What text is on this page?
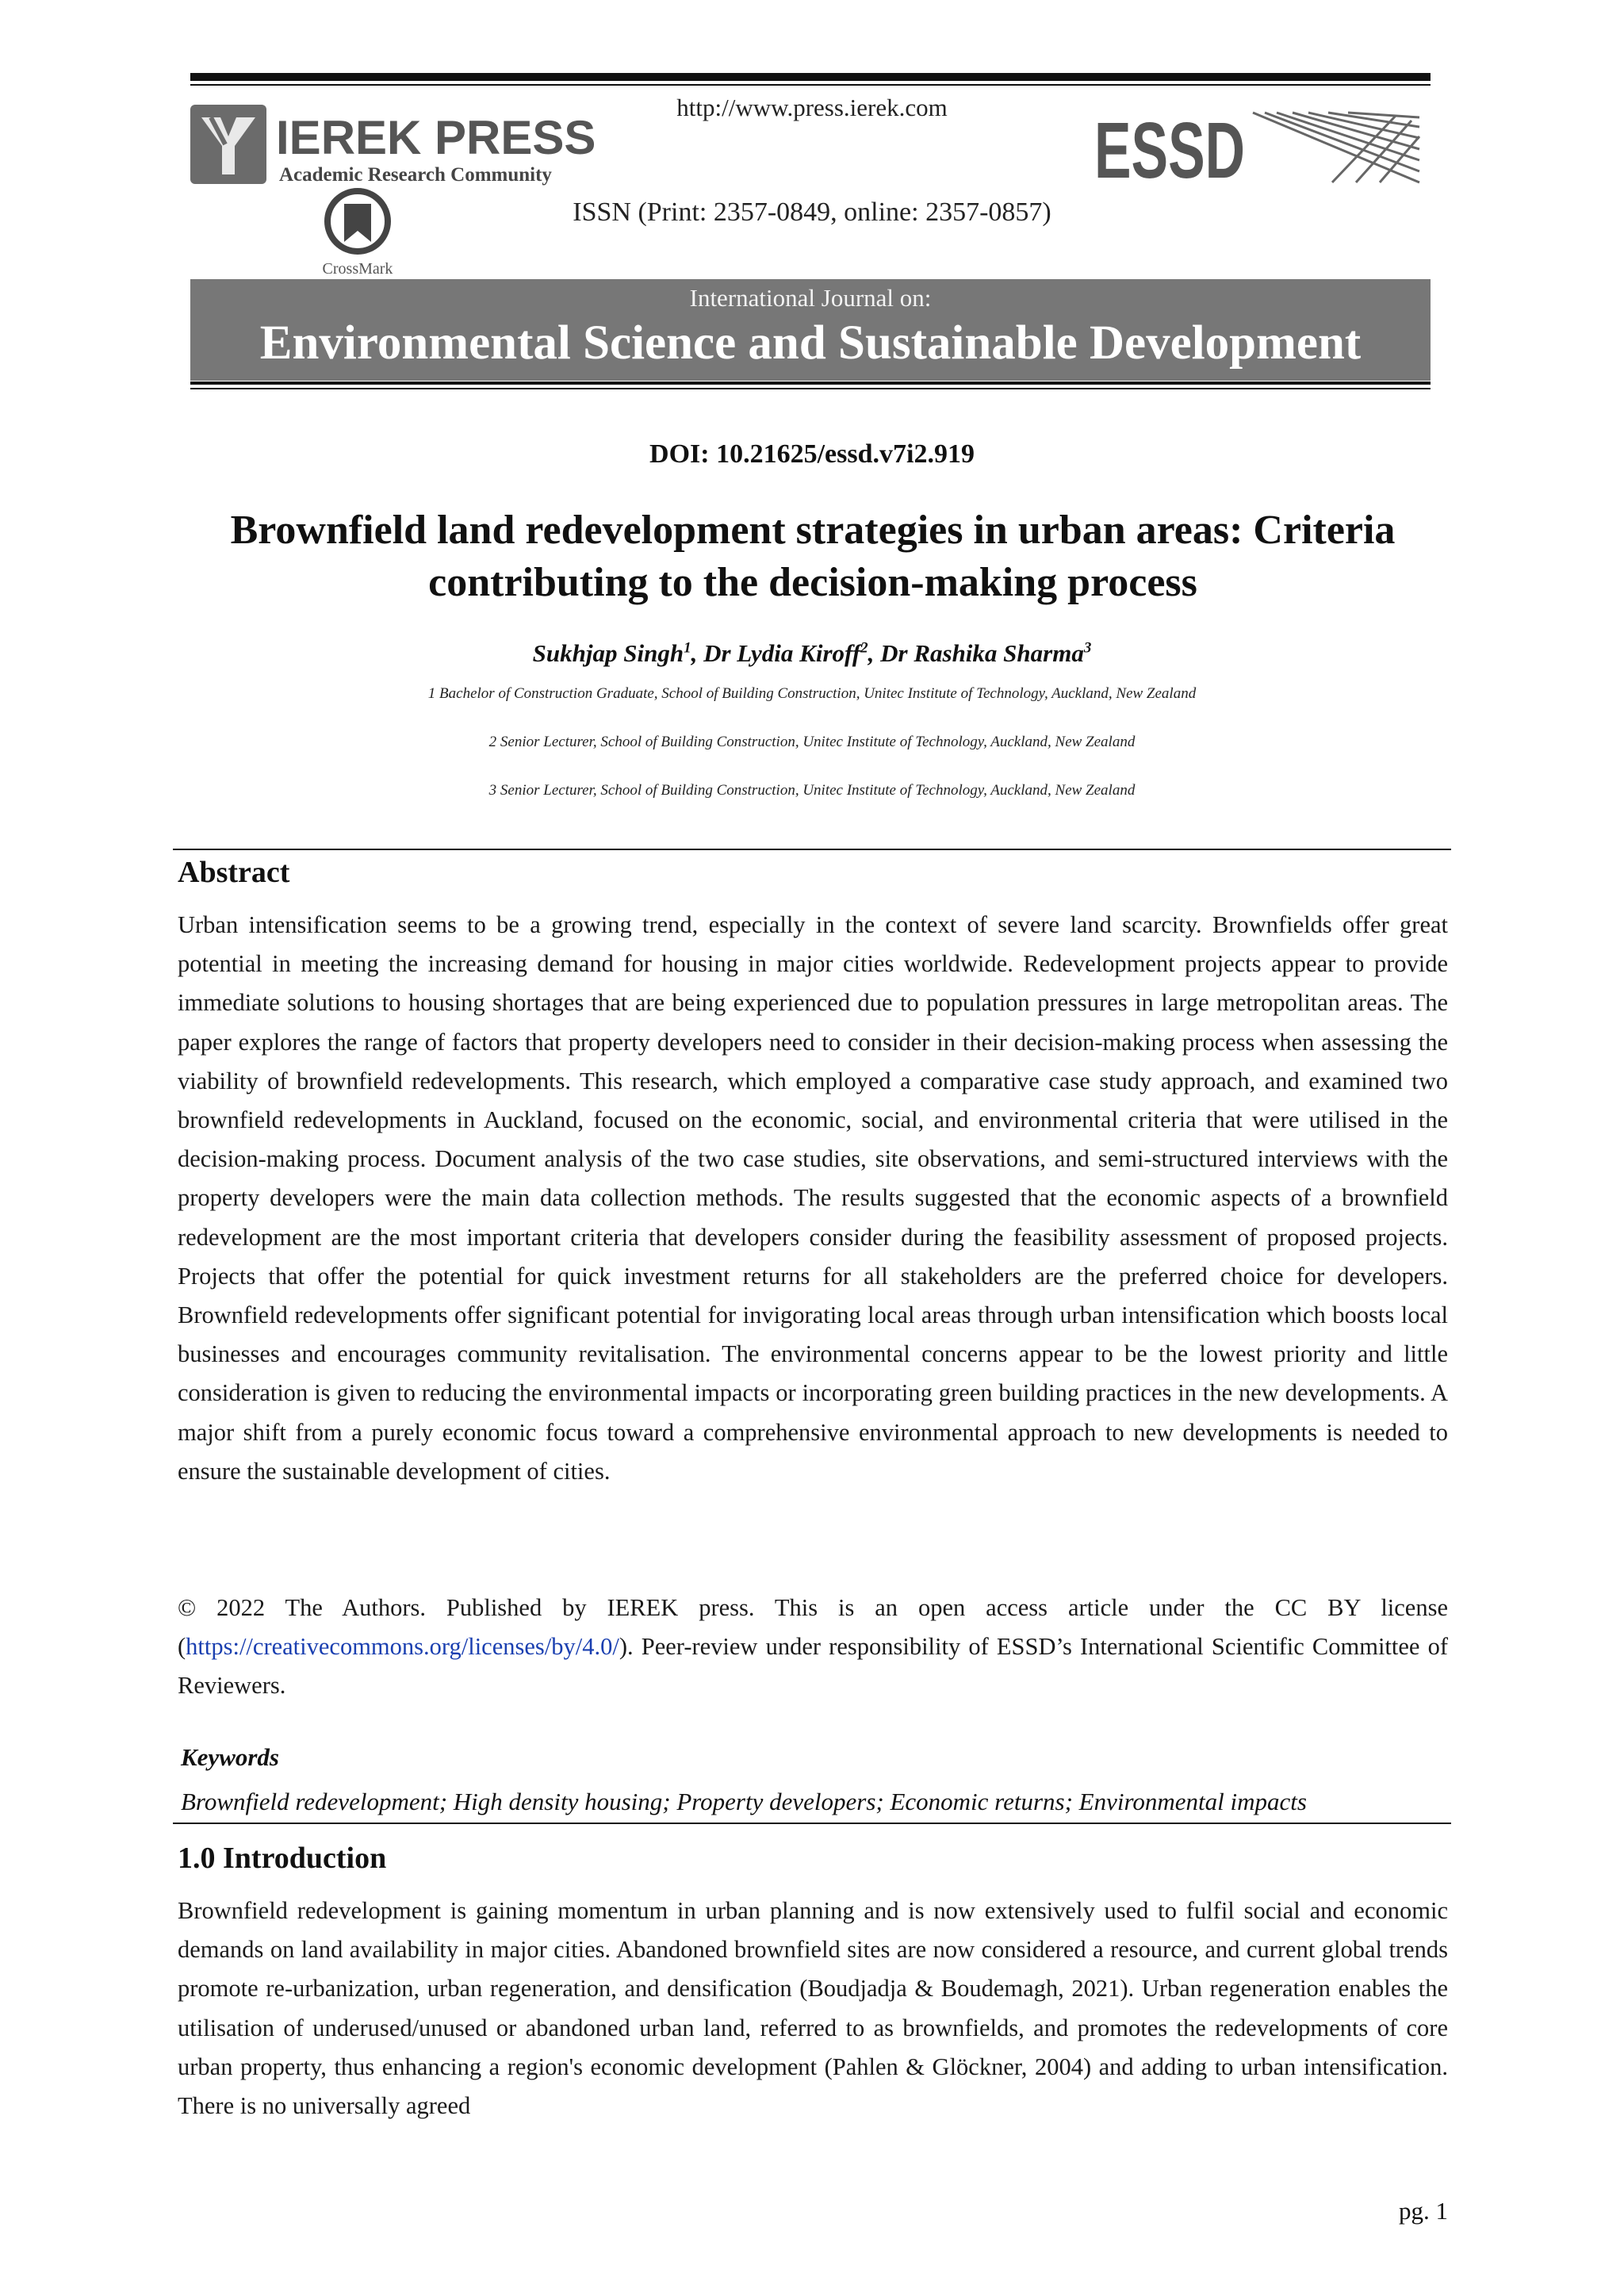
http://www.press.ierek.com
IEREK PRESS
Academic Research Community
CrossMark
ESSD
ISSN (Print: 2357-0849, online: 2357-0857)
International Journal on:
Environmental Science and Sustainable Development
DOI: 10.21625/essd.v7i2.919
Brownfield land redevelopment strategies in urban areas: Criteria
contributing to the decision-making process
Sukhjap Singh$^1$, Dr Lydia Kiroff$^2$, Dr Rashika Sharma$^3$
1 Bachelor of Construction Graduate, School of Building Construction, Unitec Institute of Technology, Auckland, New Zealand
2 Senior Lecturer, School of Building Construction, Unitec Institute of Technology, Auckland, New Zealand
3 Senior Lecturer, School of Building Construction, Unitec Institute of Technology, Auckland, New Zealand
Abstract
Urban intensification seems to be a growing trend, especially in the context of severe land scarcity. Brownfields offer great potential in meeting the increasing demand for housing in major cities worldwide. Redevelopment projects appear to provide immediate solutions to housing shortages that are being experienced due to population pressures in large metropolitan areas. The paper explores the range of factors that property developers need to consider in their decision-making process when assessing the viability of brownfield redevelopments. This research, which employed a comparative case study approach, and examined two brownfield redevelopments in Auckland, focused on the economic, social, and environmental criteria that were utilised in the decision-making process. Document analysis of the two case studies, site observations, and semi-structured interviews with the property developers were the main data collection methods. The results suggested that the economic aspects of a brownfield redevelopment are the most important criteria that developers consider during the feasibility assessment of proposed projects. Projects that offer the potential for quick investment returns for all stakeholders are the preferred choice for developers. Brownfield redevelopments offer significant potential for invigorating local areas through urban intensification which boosts local businesses and encourages community revitalisation. The environmental concerns appear to be the lowest priority and little consideration is given to reducing the environmental impacts or incorporating green building practices in the new developments. A major shift from a purely economic focus toward a comprehensive environmental approach to new developments is needed to ensure the sustainable development of cities.
© 2022 The Authors. Published by IEREK press. This is an open access article under the CC BY license (https://creativecommons.org/licenses/by/4.0/). Peer-review under responsibility of ESSD’s International Scientific Committee of Reviewers.
Keywords
Brownfield redevelopment; High density housing; Property developers; Economic returns; Environmental impacts
1.0 Introduction
Brownfield redevelopment is gaining momentum in urban planning and is now extensively used to fulfil social and economic demands on land availability in major cities. Abandoned brownfield sites are now considered a resource, and current global trends promote re-urbanization, urban regeneration, and densification (Boudjadja & Boudemagh, 2021). Urban regeneration enables the utilisation of underused/unused or abandoned urban land, referred to as brownfields, and promotes the redevelopments of core urban property, thus enhancing a region's economic development (Pahlen & Glöckner, 2004) and adding to urban intensification. There is no universally agreed
pg. 1
